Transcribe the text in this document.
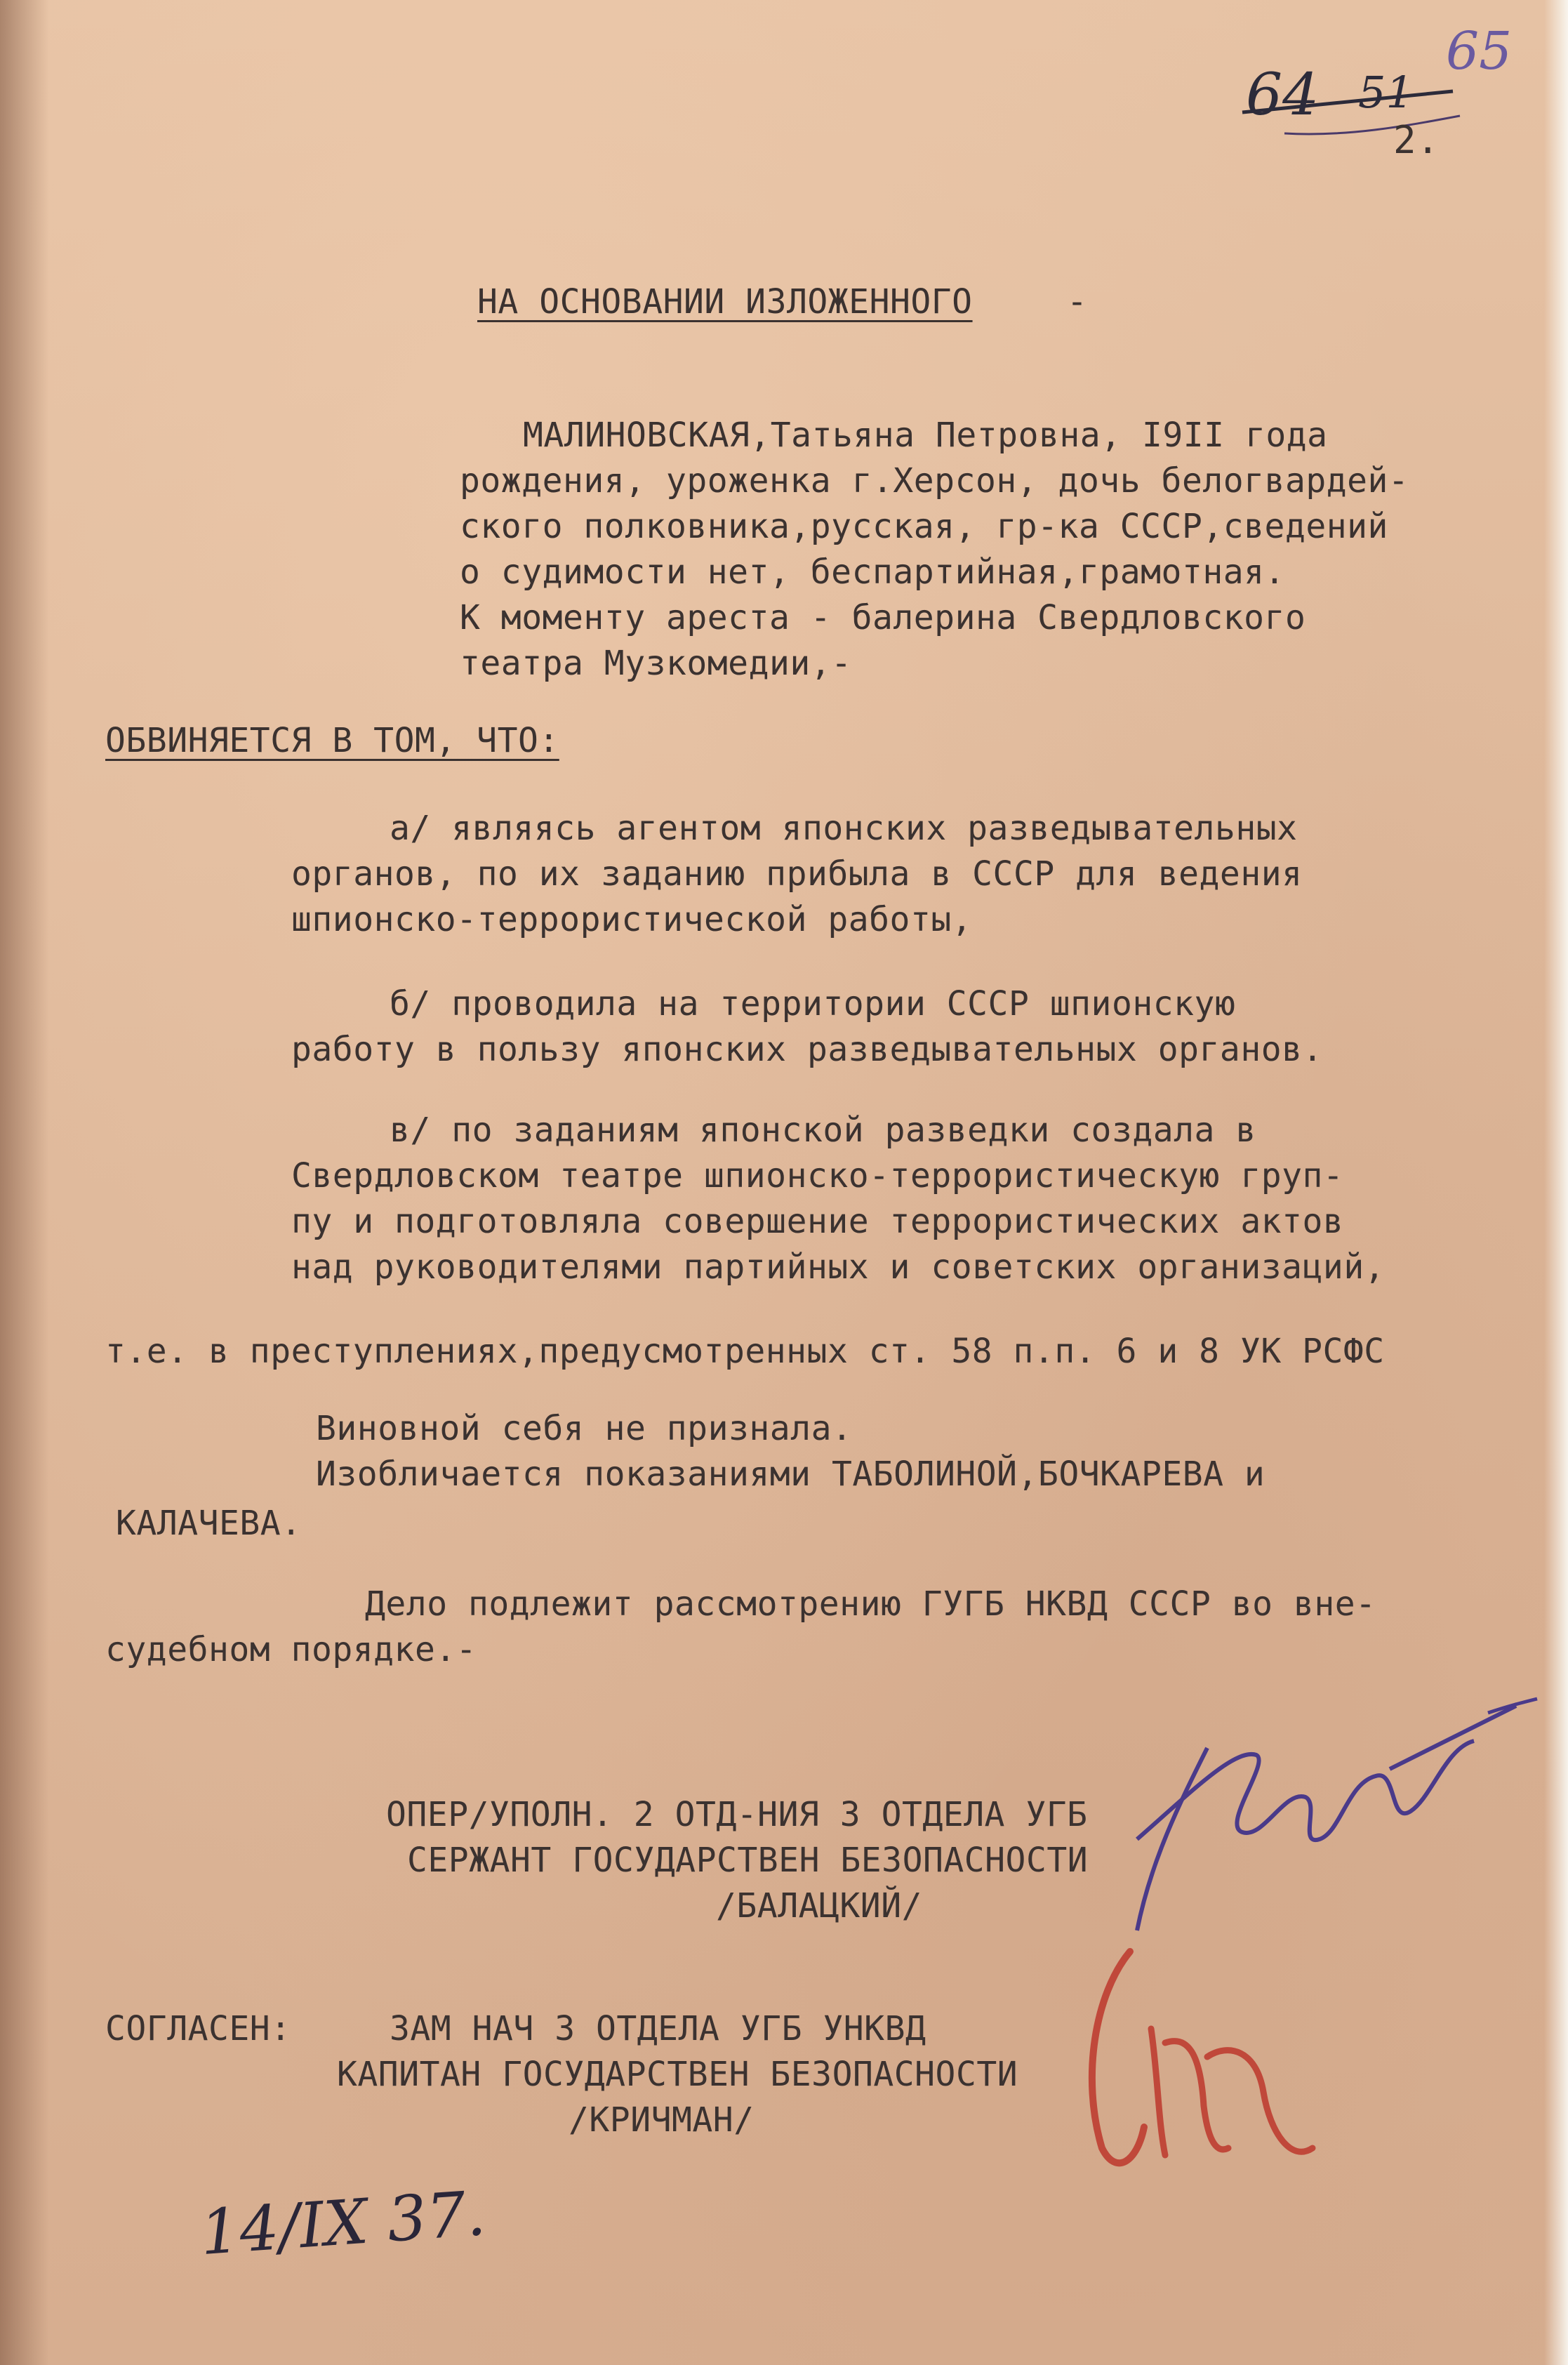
64 51
65
2.
НА ОСНОВАНИИ ИЗЛОЖЕННОГО	-
МАЛИНОВСКАЯ,Татьяна Петровна, I9II года
рождения, уроженка г.Херсон, дочь белогвардей-
ского полковника,русская, гр-ка СССР,сведений
о судимости нет, беспартийная,грамотная.
К моменту ареста - балерина Свердловского
театра Музкомедии,-
ОБВИНЯЕТСЯ В ТОМ, ЧТО:
а/ являясь агентом японских разведывательных
органов, по их заданию прибыла в СССР для ведения
шпионско-террористической работы,
б/ проводила на территории СССР шпионскую
работу в пользу японских разведывательных органов.
в/ по заданиям японской разведки создала в
Свердловском театре шпионско-террористическую груп-
пу и подготовляла совершение террористических актов
над руководителями партийных и советских организаций,
т.е. в преступлениях,предусмотренных ст. 58 п.п. 6 и 8 УК РСФС
Виновной себя не признала.
Изобличается показаниями ТАБОЛИНОЙ,БОЧКАРЕВА и
КАЛАЧЕВА.
Дело подлежит рассмотрению ГУГБ НКВД СССР во вне-
судебном порядке.-
ОПЕР/УПОЛН. 2 ОТД-НИЯ 3 ОТДЕЛА УГБ
СЕРЖАНТ ГОСУДАРСТВЕН БЕЗОПАСНОСТИ
/БАЛАЦКИЙ/
СОГЛАСЕН:	ЗАМ НАЧ 3 ОТДЕЛА УГБ УНКВД
КАПИТАН ГОСУДАРСТВЕН БЕЗОПАСНОСТИ
/КРИЧМАН/
14/IX 37.
